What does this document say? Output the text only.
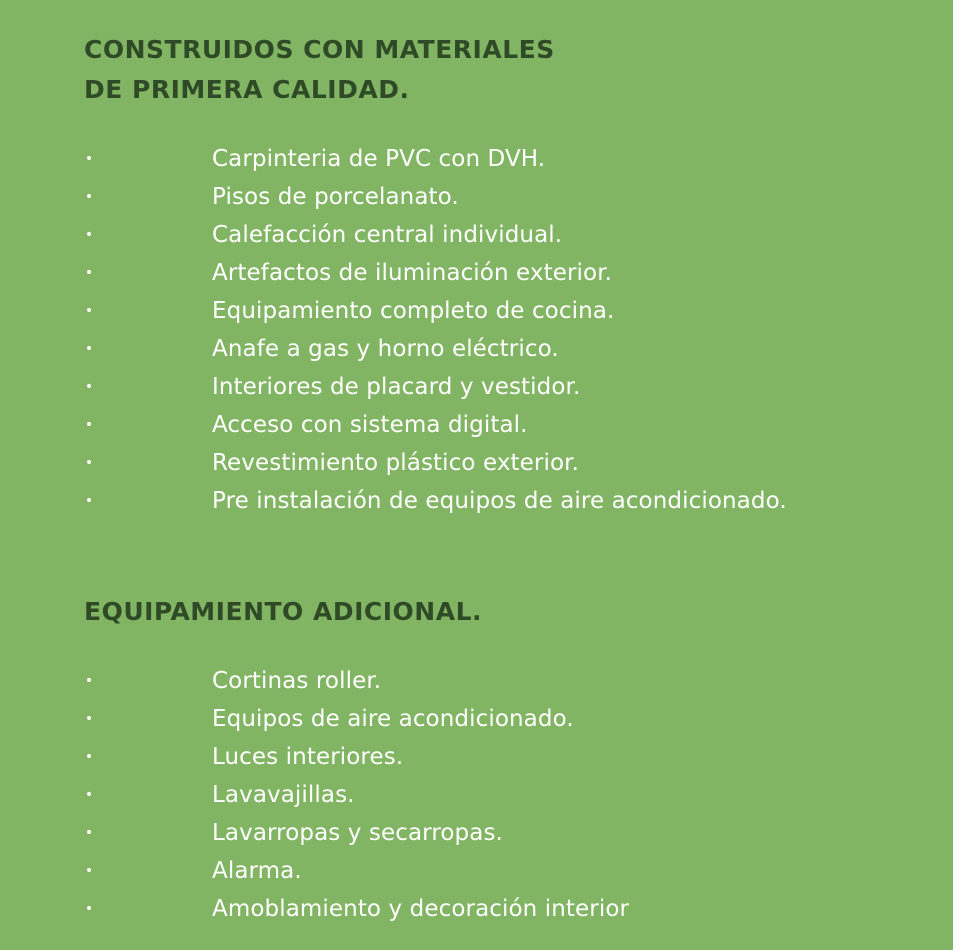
CONSTRUIDOS CON MATERIALES
DE PRIMERA CALIDAD.
•	Carpinteria de PVC con DVH.
•	Pisos de porcelanato.
•	Calefacción central individual.
•	Artefactos de iluminación exterior.
•	Equipamiento completo de cocina.
•	Anafe a gas y horno eléctrico.
•	Interiores de placard y vestidor.
•	Acceso con sistema digital.
•	Revestimiento plástico exterior.
•	Pre instalación de equipos de aire acondicionado.
EQUIPAMIENTO ADICIONAL.
•	Cortinas roller.
•	Equipos de aire acondicionado.
•	Luces interiores.
•	Lavavajillas.
•	Lavarropas y secarropas.
•	Alarma.
•	Amoblamiento y decoración interior
